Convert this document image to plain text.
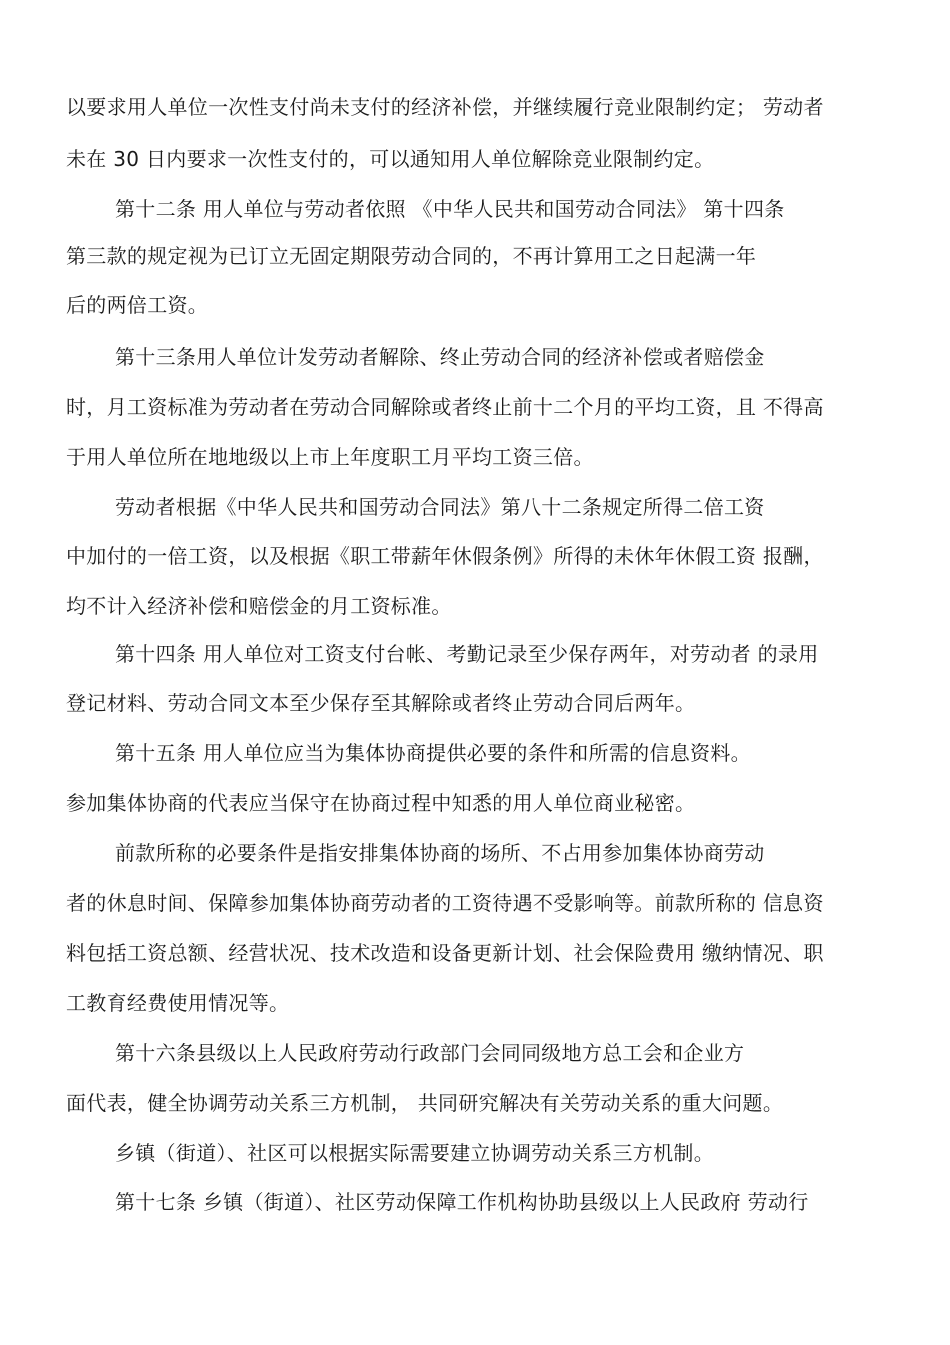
以要求用人单位一次性支付尚未支付的经济补偿，并继续履行竞业限制约定； 劳动者
未在 30 日内要求一次性支付的，可以通知用人单位解除竞业限制约定。
第十二条 用人单位与劳动者依照 《中华人民共和国劳动合同法》 第十四条
第三款的规定视为已订立无固定期限劳动合同的，不再计算用工之日起满一年
后的两倍工资。
第十三条用人单位计发劳动者解除、终止劳动合同的经济补偿或者赔偿金
时，月工资标准为劳动者在劳动合同解除或者终止前十二个月的平均工资，且 不得高
于用人单位所在地地级以上市上年度职工月平均工资三倍。
劳动者根据《中华人民共和国劳动合同法》第八十二条规定所得二倍工资
中加付的一倍工资，以及根据《职工带薪年休假条例》所得的未休年休假工资 报酬，
均不计入经济补偿和赔偿金的月工资标准。
第十四条 用人单位对工资支付台帐、考勤记录至少保存两年，对劳动者 的录用
登记材料、劳动合同文本至少保存至其解除或者终止劳动合同后两年。
第十五条 用人单位应当为集体协商提供必要的条件和所需的信息资料。
参加集体协商的代表应当保守在协商过程中知悉的用人单位商业秘密。
前款所称的必要条件是指安排集体协商的场所、不占用参加集体协商劳动
者的休息时间、保障参加集体协商劳动者的工资待遇不受影响等。前款所称的 信息资
料包括工资总额、经营状况、技术改造和设备更新计划、社会保险费用 缴纳情况、职
工教育经费使用情况等。
第十六条县级以上人民政府劳动行政部门会同同级地方总工会和企业方
面代表，健全协调劳动关系三方机制， 共同研究解决有关劳动关系的重大问题。
乡镇（街道）、社区可以根据实际需要建立协调劳动关系三方机制。
第十七条 乡镇（街道）、社区劳动保障工作机构协助县级以上人民政府 劳动行
